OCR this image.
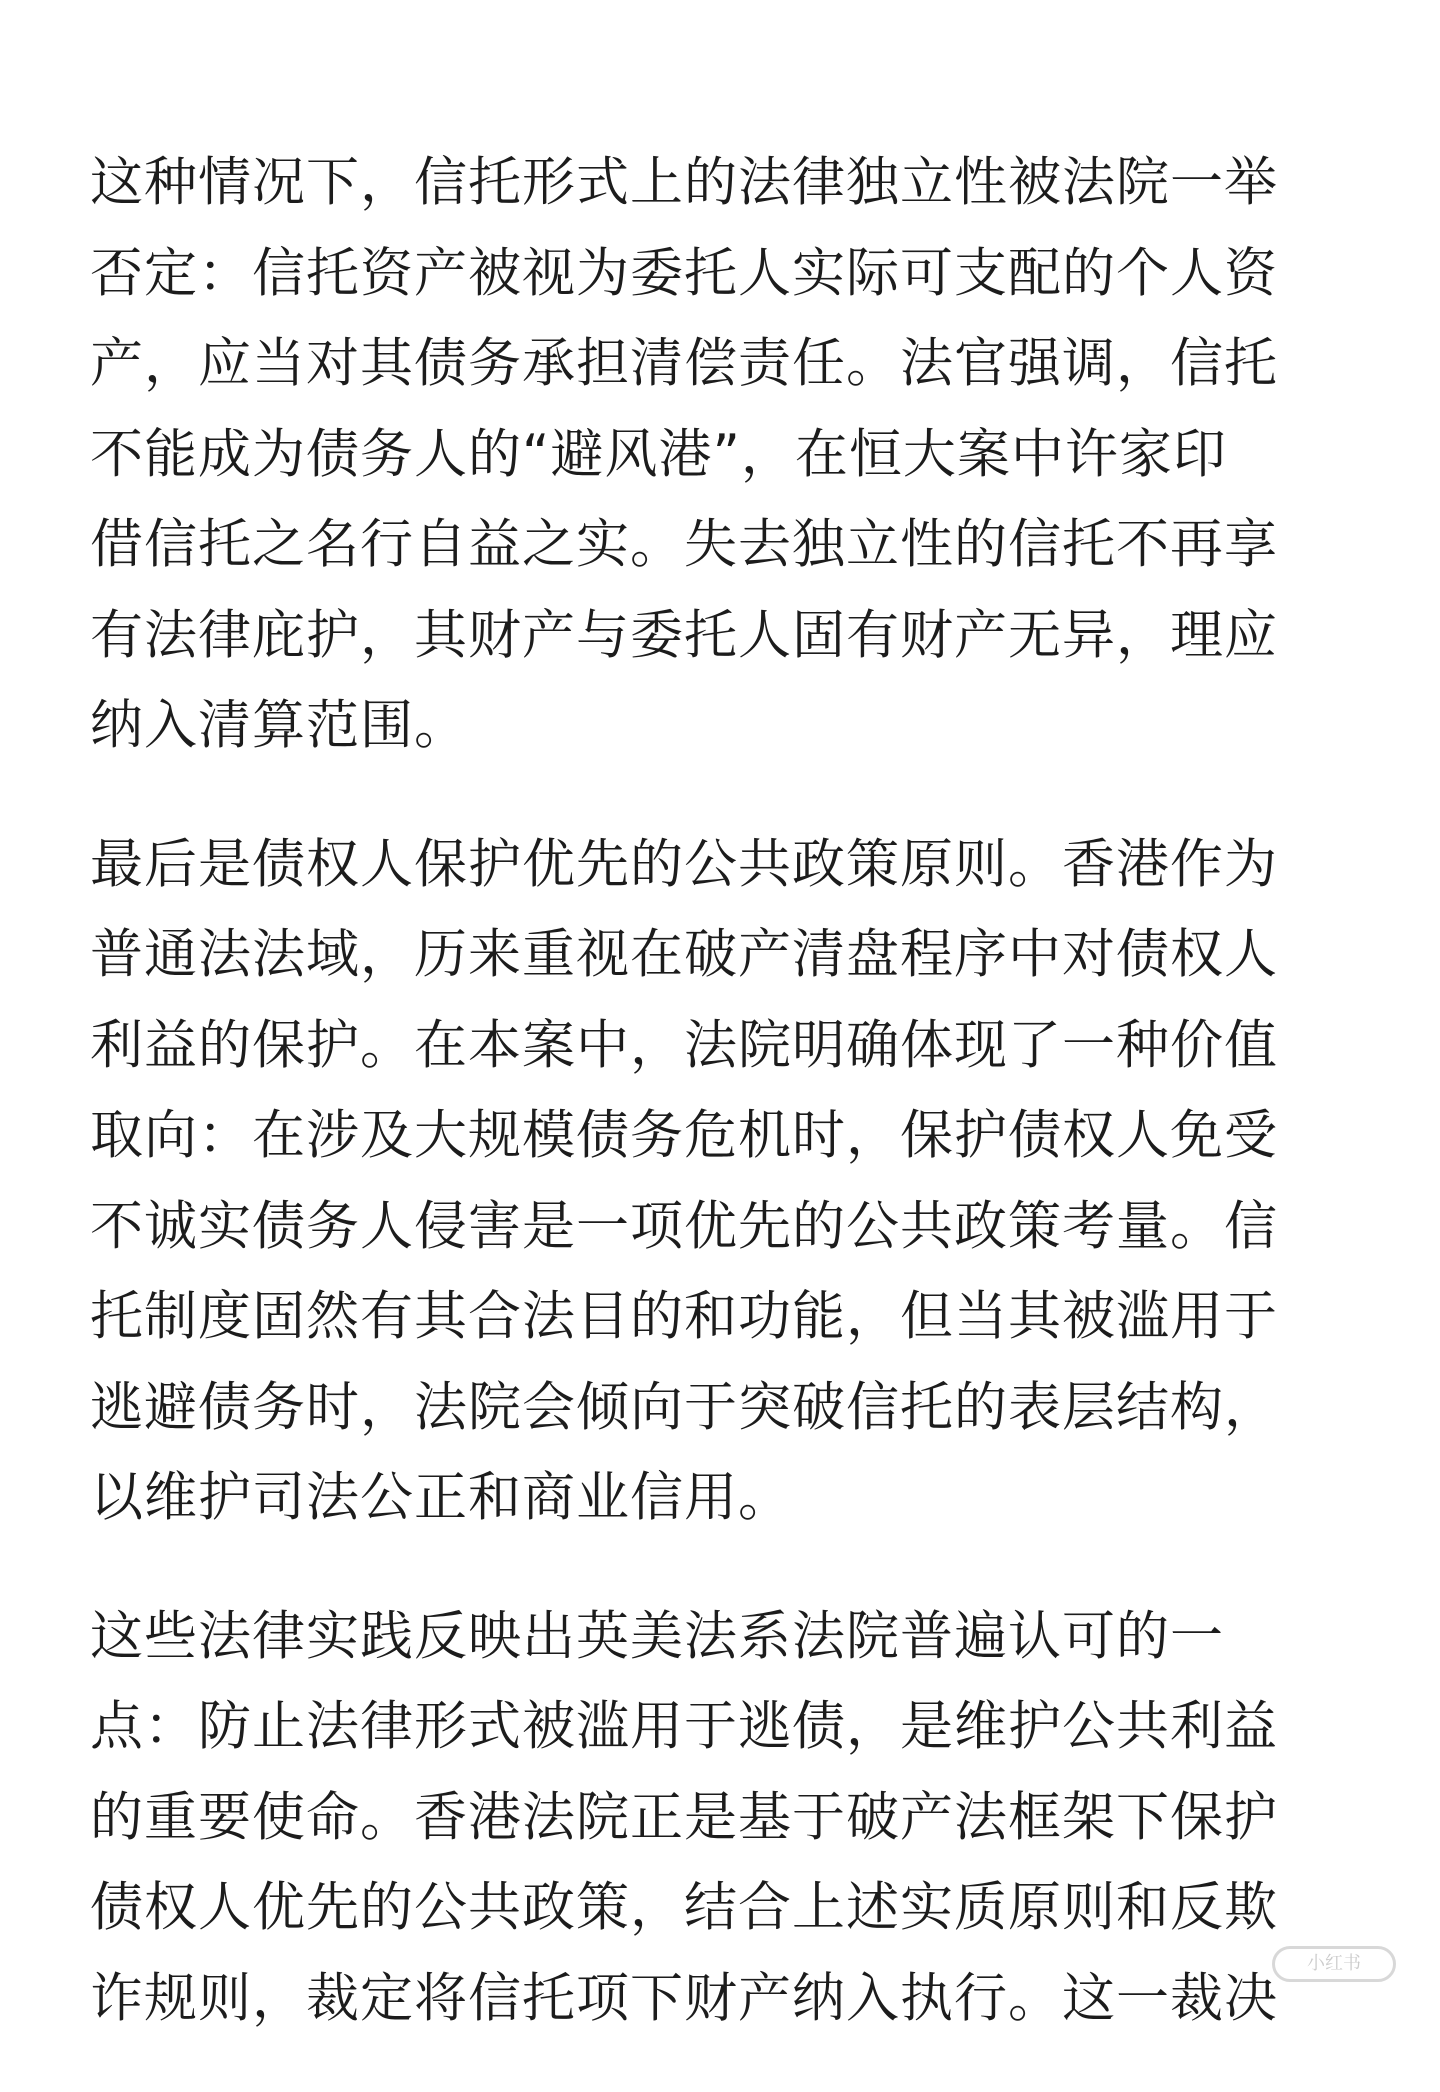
这种情况下，信托形式上的法律独立性被法院一举
否定：信托资产被视为委托人实际可支配的个人资
产，应当对其债务承担清偿责任。法官强调，信托
不能成为债务人的“避风港”，在恒大案中许家印
借信托之名行自益之实。失去独立性的信托不再享
有法律庇护，其财产与委托人固有财产无异，理应
纳入清算范围。

最后是债权人保护优先的公共政策原则。香港作为
普通法法域，历来重视在破产清盘程序中对债权人
利益的保护。在本案中，法院明确体现了一种价值
取向：在涉及大规模债务危机时，保护债权人免受
不诚实债务人侵害是一项优先的公共政策考量。信
托制度固然有其合法目的和功能，但当其被滥用于
逃避债务时，法院会倾向于突破信托的表层结构，
以维护司法公正和商业信用。

这些法律实践反映出英美法系法院普遍认可的一
点：防止法律形式被滥用于逃债，是维护公共利益
的重要使命。香港法院正是基于破产法框架下保护
债权人优先的公共政策，结合上述实质原则和反欺
诈规则，裁定将信托项下财产纳入执行。这一裁决

小红书
